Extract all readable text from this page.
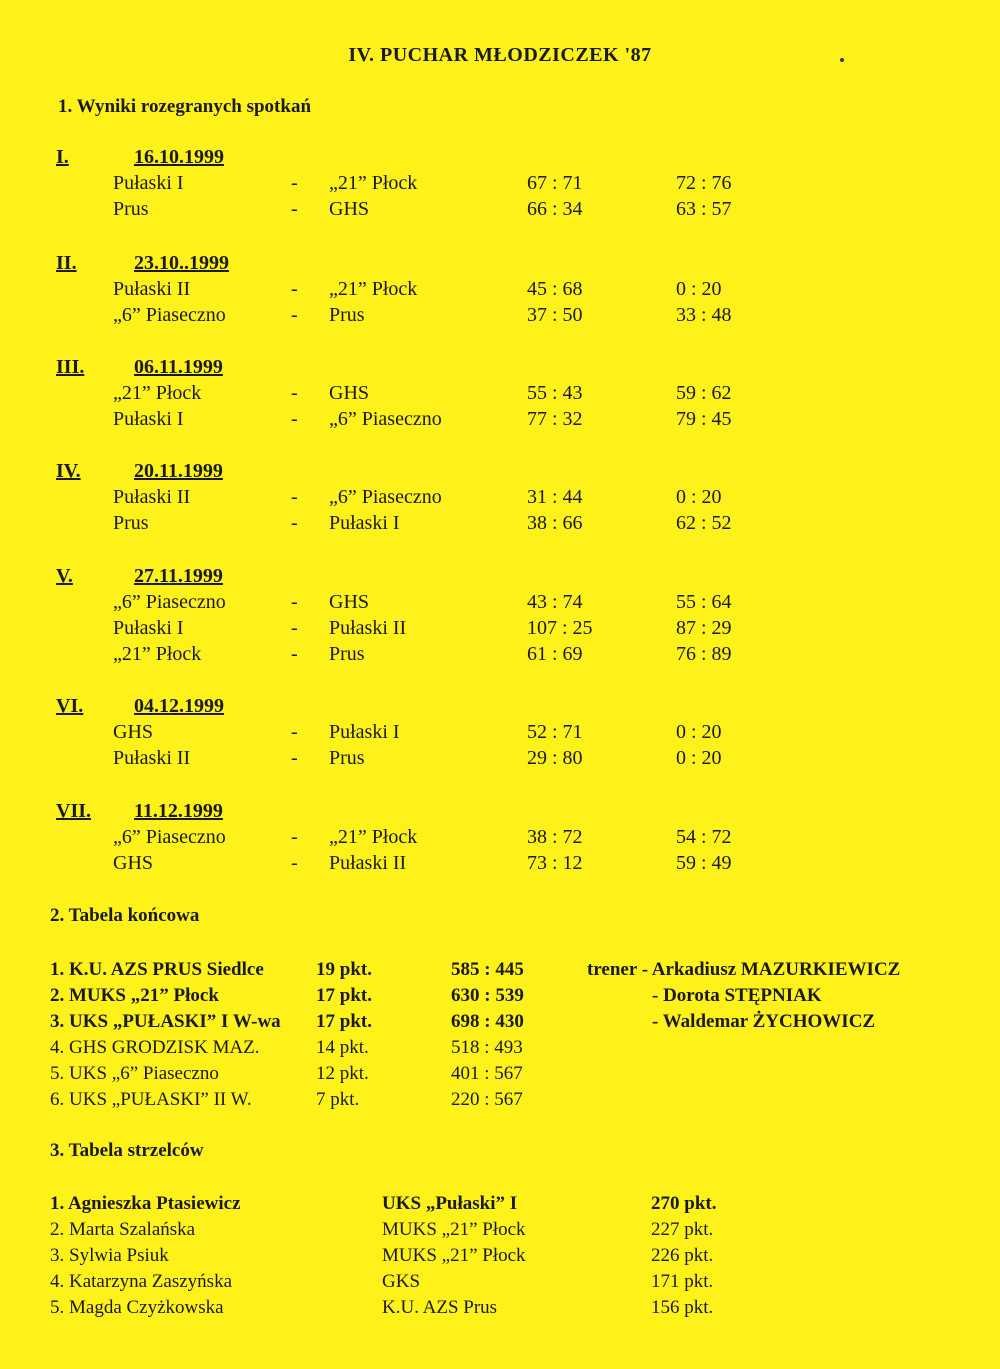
IV. PUCHAR MŁODZICZEK '87
1. Wyniki rozegranych spotkań
I.	16.10.1999
Pułaski I	- „21” Płock	67 : 71	72 : 76
Prus	- GHS	66 : 34	63 : 57
II.	23.10..1999
Pułaski II	- „21” Płock	45 : 68	0 : 20
„6” Piaseczno	- Prus	37 : 50	33 : 48
III. 06.11.1999
„21” Płock	- GHS	55 : 43	59 : 62
Pułaski I	- „6” Piaseczno	77 : 32	79 : 45
IV.	20.11.1999
Pułaski II	- „6” Piaseczno	31 : 44	0 : 20
Prus	- Pułaski I	38 : 66	62 : 52
V.	27.11.1999
„6” Piaseczno	- GHS	43 : 74	55 : 64
Pułaski I	- Pułaski II	107 : 25	87 : 29
„21” Płock	- Prus	61 : 69	76 : 89
VI.	04.12.1999
GHS	- Pułaski I	52 : 71	0 : 20
Pułaski II	- Prus	29 : 80	0 : 20
VII. 11.12.1999
„6” Piaseczno	- „21” Płock	38 : 72	54 : 72
GHS	- Pułaski II	73 : 12	59 : 49
2. Tabela końcowa
1. K.U. AZS PRUS Siedlce	19 pkt.	585 : 445
2. MUKS „21” Płock	17 pkt.	630 : 539
3. UKS „PUŁASKI” I W-wa 17 pkt.	698 : 430
4. GHS GRODZISK MAZ.	14 pkt.	518 : 493
5. UKS „6” Piaseczno	12 pkt.	401 : 567
6. UKS „PUŁASKI” II W.	7 pkt.	220 : 567
trener - Arkadiusz MAZURKIEWICZ
- Dorota STĘPNIAK
- Waldemar ŻYCHOWICZ
3. Tabela strzelców
1. Agnieszka Ptasiewicz	UKS „Pułaski” I	270 pkt.
2. Marta Szalańska	MUKS „21” Płock	227 pkt.
3. Sylwia Psiuk	MUKS „21” Płock	226 pkt.
4. Katarzyna Zaszyńska	GKS	171 pkt.
5. Magda Czyżkowska	K.U. AZS Prus	156 pkt.
